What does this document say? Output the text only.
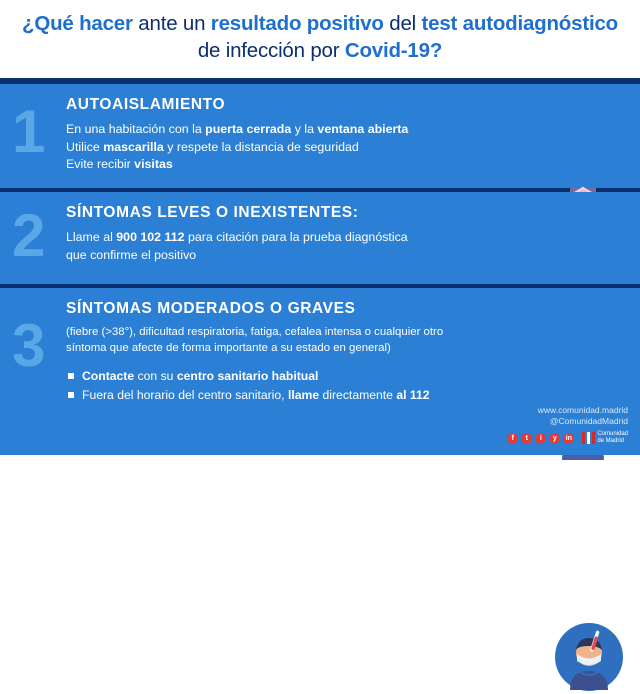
¿Qué hacer ante un resultado positivo del test autodiagnóstico de infección por Covid-19?
1 AUTOAISLAMIENTO
En una habitación con la puerta cerrada y la ventana abierta
Utilice mascarilla y respete la distancia de seguridad
Evite recibir visitas
2 SÍNTOMAS LEVES O INEXISTENTES:
Llame al 900 102 112 para citación para la prueba diagnóstica
que confirme el positivo
3
SÍNTOMAS MODERADOS O GRAVES
(fiebre (>38°), dificultad respiratoria, fatiga, cefalea intensa o cualquier otro
síntoma que afecte de forma importante a su estado en general)
Contacte con su centro sanitario habitual
Fuera del horario del centro sanitario, llame directamente al 112
www.comunidad.madrid
@ComunidadMadrid
f	t	i	y	in
Comunidad
de Madrid
